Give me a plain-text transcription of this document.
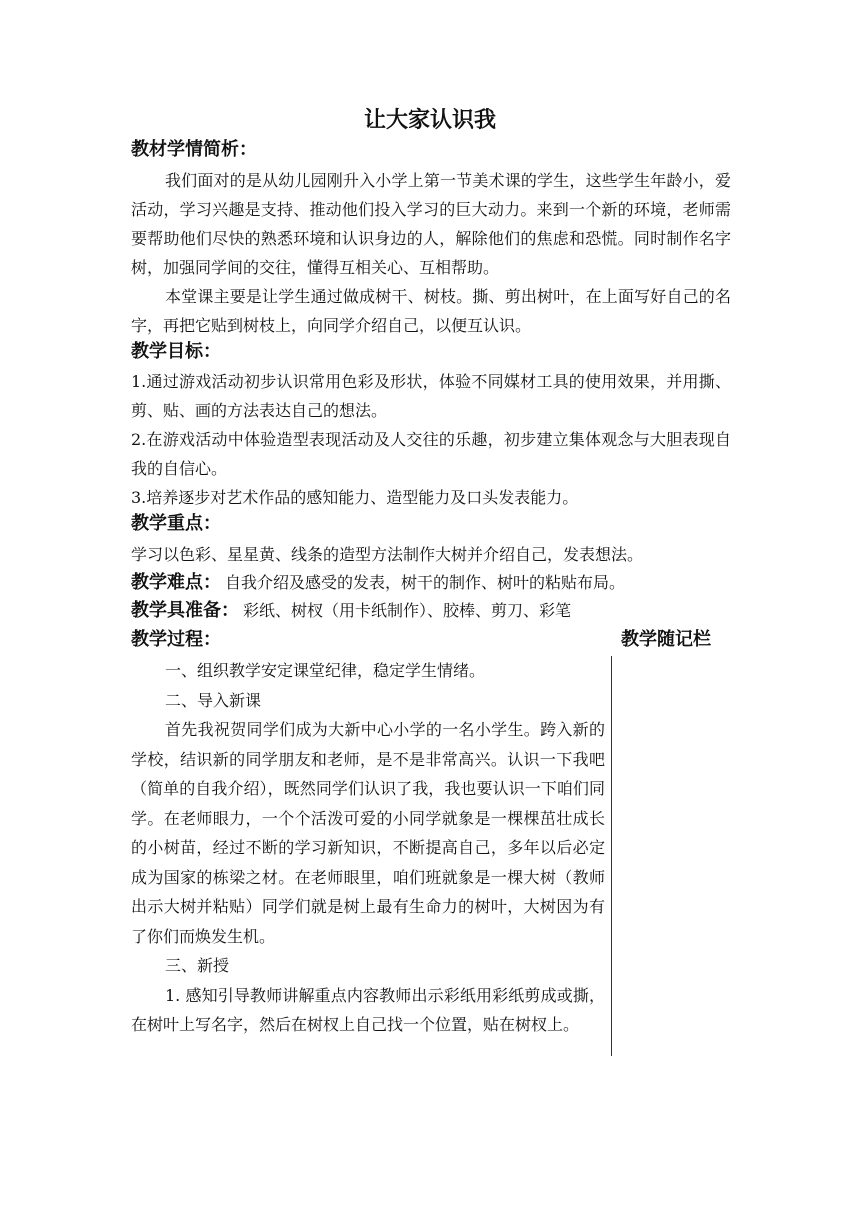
让大家认识我
教材学情简析：

我们面对的是从幼儿园刚升入小学上第一节美术课的学生，这些学生年龄小，爱活动，学习兴趣是支持、推动他们投入学习的巨大动力。来到一个新的环境，老师需要帮助他们尽快的熟悉环境和认识身边的人，解除他们的焦虑和恐慌。同时制作名字树，加强同学间的交往，懂得互相关心、互相帮助。

本堂课主要是让学生通过做成树干、树枝。撕、剪出树叶，在上面写好自己的名字，再把它贴到树枝上，向同学介绍自己，以便互认识。

教学目标：

1.通过游戏活动初步认识常用色彩及形状，体验不同媒材工具的使用效果，并用撕、剪、贴、画的方法表达自己的想法。

2.在游戏活动中体验造型表现活动及人交往的乐趣，初步建立集体观念与大胆表现自我的自信心。

3.培养逐步对艺术作品的感知能力、造型能力及口头发表能力。

教学重点：
学习以色彩、星星黄、线条的造型方法制作大树并介绍自己，发表想法。
教学难点： 自我介绍及感受的发表，树干的制作、树叶的粘贴布局。
教学具准备： 彩纸、树杈（用卡纸制作）、胶棒、剪刀、彩笔
教学过程：	教学随记栏

一、组织教学安定课堂纪律，稳定学生情绪。

二、导入新课

首先我祝贺同学们成为大新中心小学的一名小学生。跨入新的学校，结识新的同学朋友和老师，是不是非常高兴。认识一下我吧（简单的自我介绍），既然同学们认识了我，我也要认识一下咱们同学。在老师眼力，一个个活泼可爱的小同学就象是一棵棵茁壮成长的小树苗，经过不断的学习新知识，不断提高自己，多年以后必定成为国家的栋梁之材。在老师眼里，咱们班就象是一棵大树（教师出示大树并粘贴）同学们就是树上最有生命力的树叶，大树因为有了你们而焕发生机。

三、新授

1. 感知引导教师讲解重点内容教师出示彩纸用彩纸剪成或撕，在树叶上写名字，然后在树杈上自己找一个位置，贴在树杈上。
